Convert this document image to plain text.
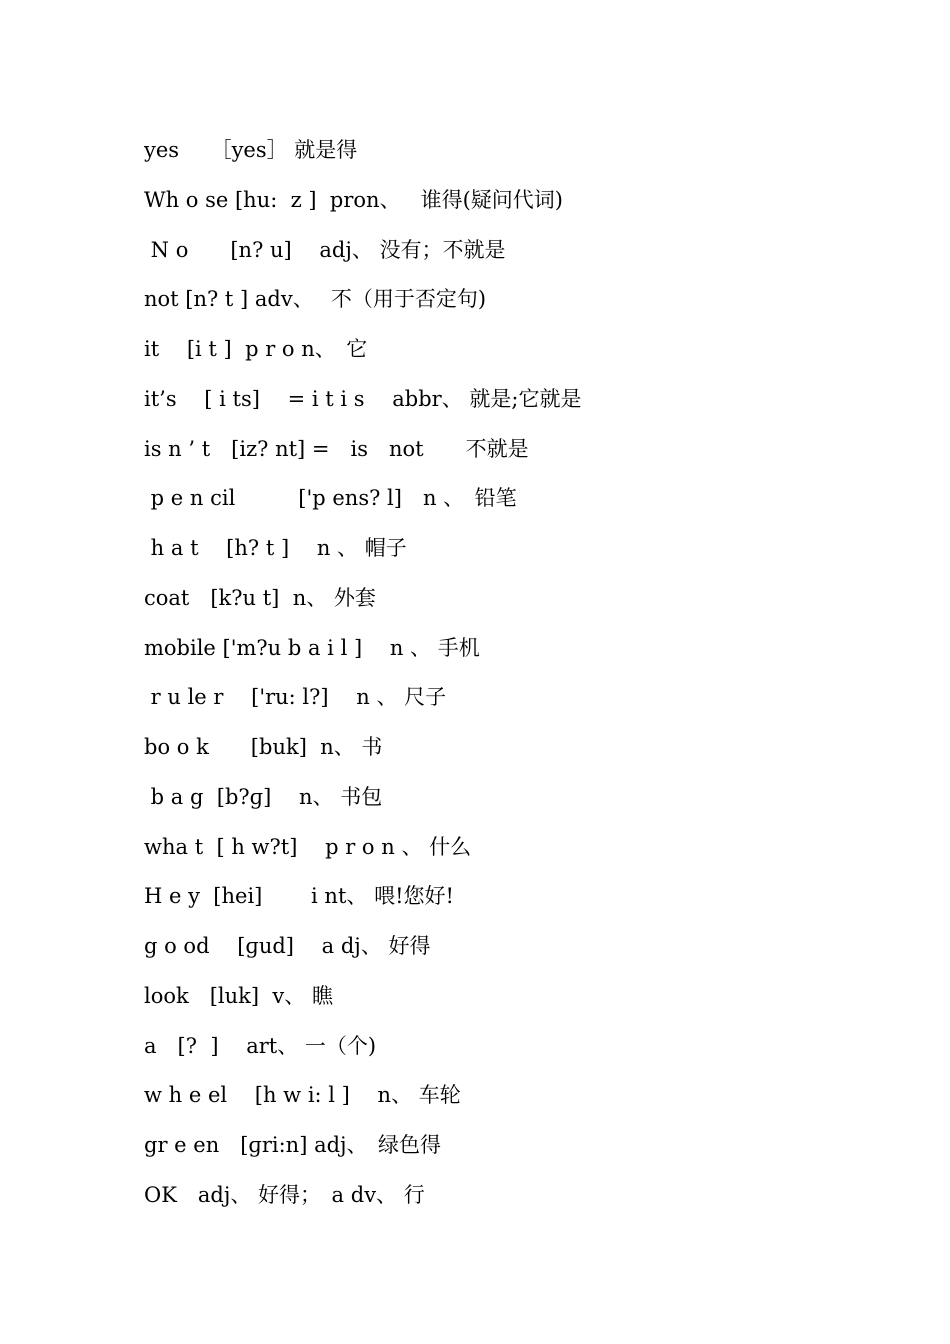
yes　　［yes］ 就是得
Wh o se [hu:  z ]  pron、   谁得(疑问代词)
N o　　[n? u]　 adj、 没有；不就是
not [n? t ] adv、　 不（用于否定句)
it　 [i t ]  p r o n、　它
it’s　 [ i ts]　 = i t i s　 abbr、 就是;它就是
is n ’ t　[iz? nt] =　is　not　　不就是
p e n cil　　　['p ens? l]　n 、　铅笔
h a t　 [h? t ]　 n 、 帽子
coat　[k?u t]  n、 外套
mobile ['m?u b a i l ]　 n 、 手机
r u le r　 ['ru: l?]　 n 、 尺子
bo o k　　[buk]  n、 书
b a g  [b?ɡ]　 n、 书包
wha t  [ h w?t]　 p r o n 、 什么
H e y  [hei]　　 i nt、 喂!您好!
g o od　 [ɡud]　 a dj、 好得
look　[luk]  v、 瞧
a　[?  ]　 art、 一（个)
w h e el　 [h w i: l ]　 n、 车轮
gr e en　[ɡri:n] adj、　绿色得
OK　adj、 好得；　a dv、 行
